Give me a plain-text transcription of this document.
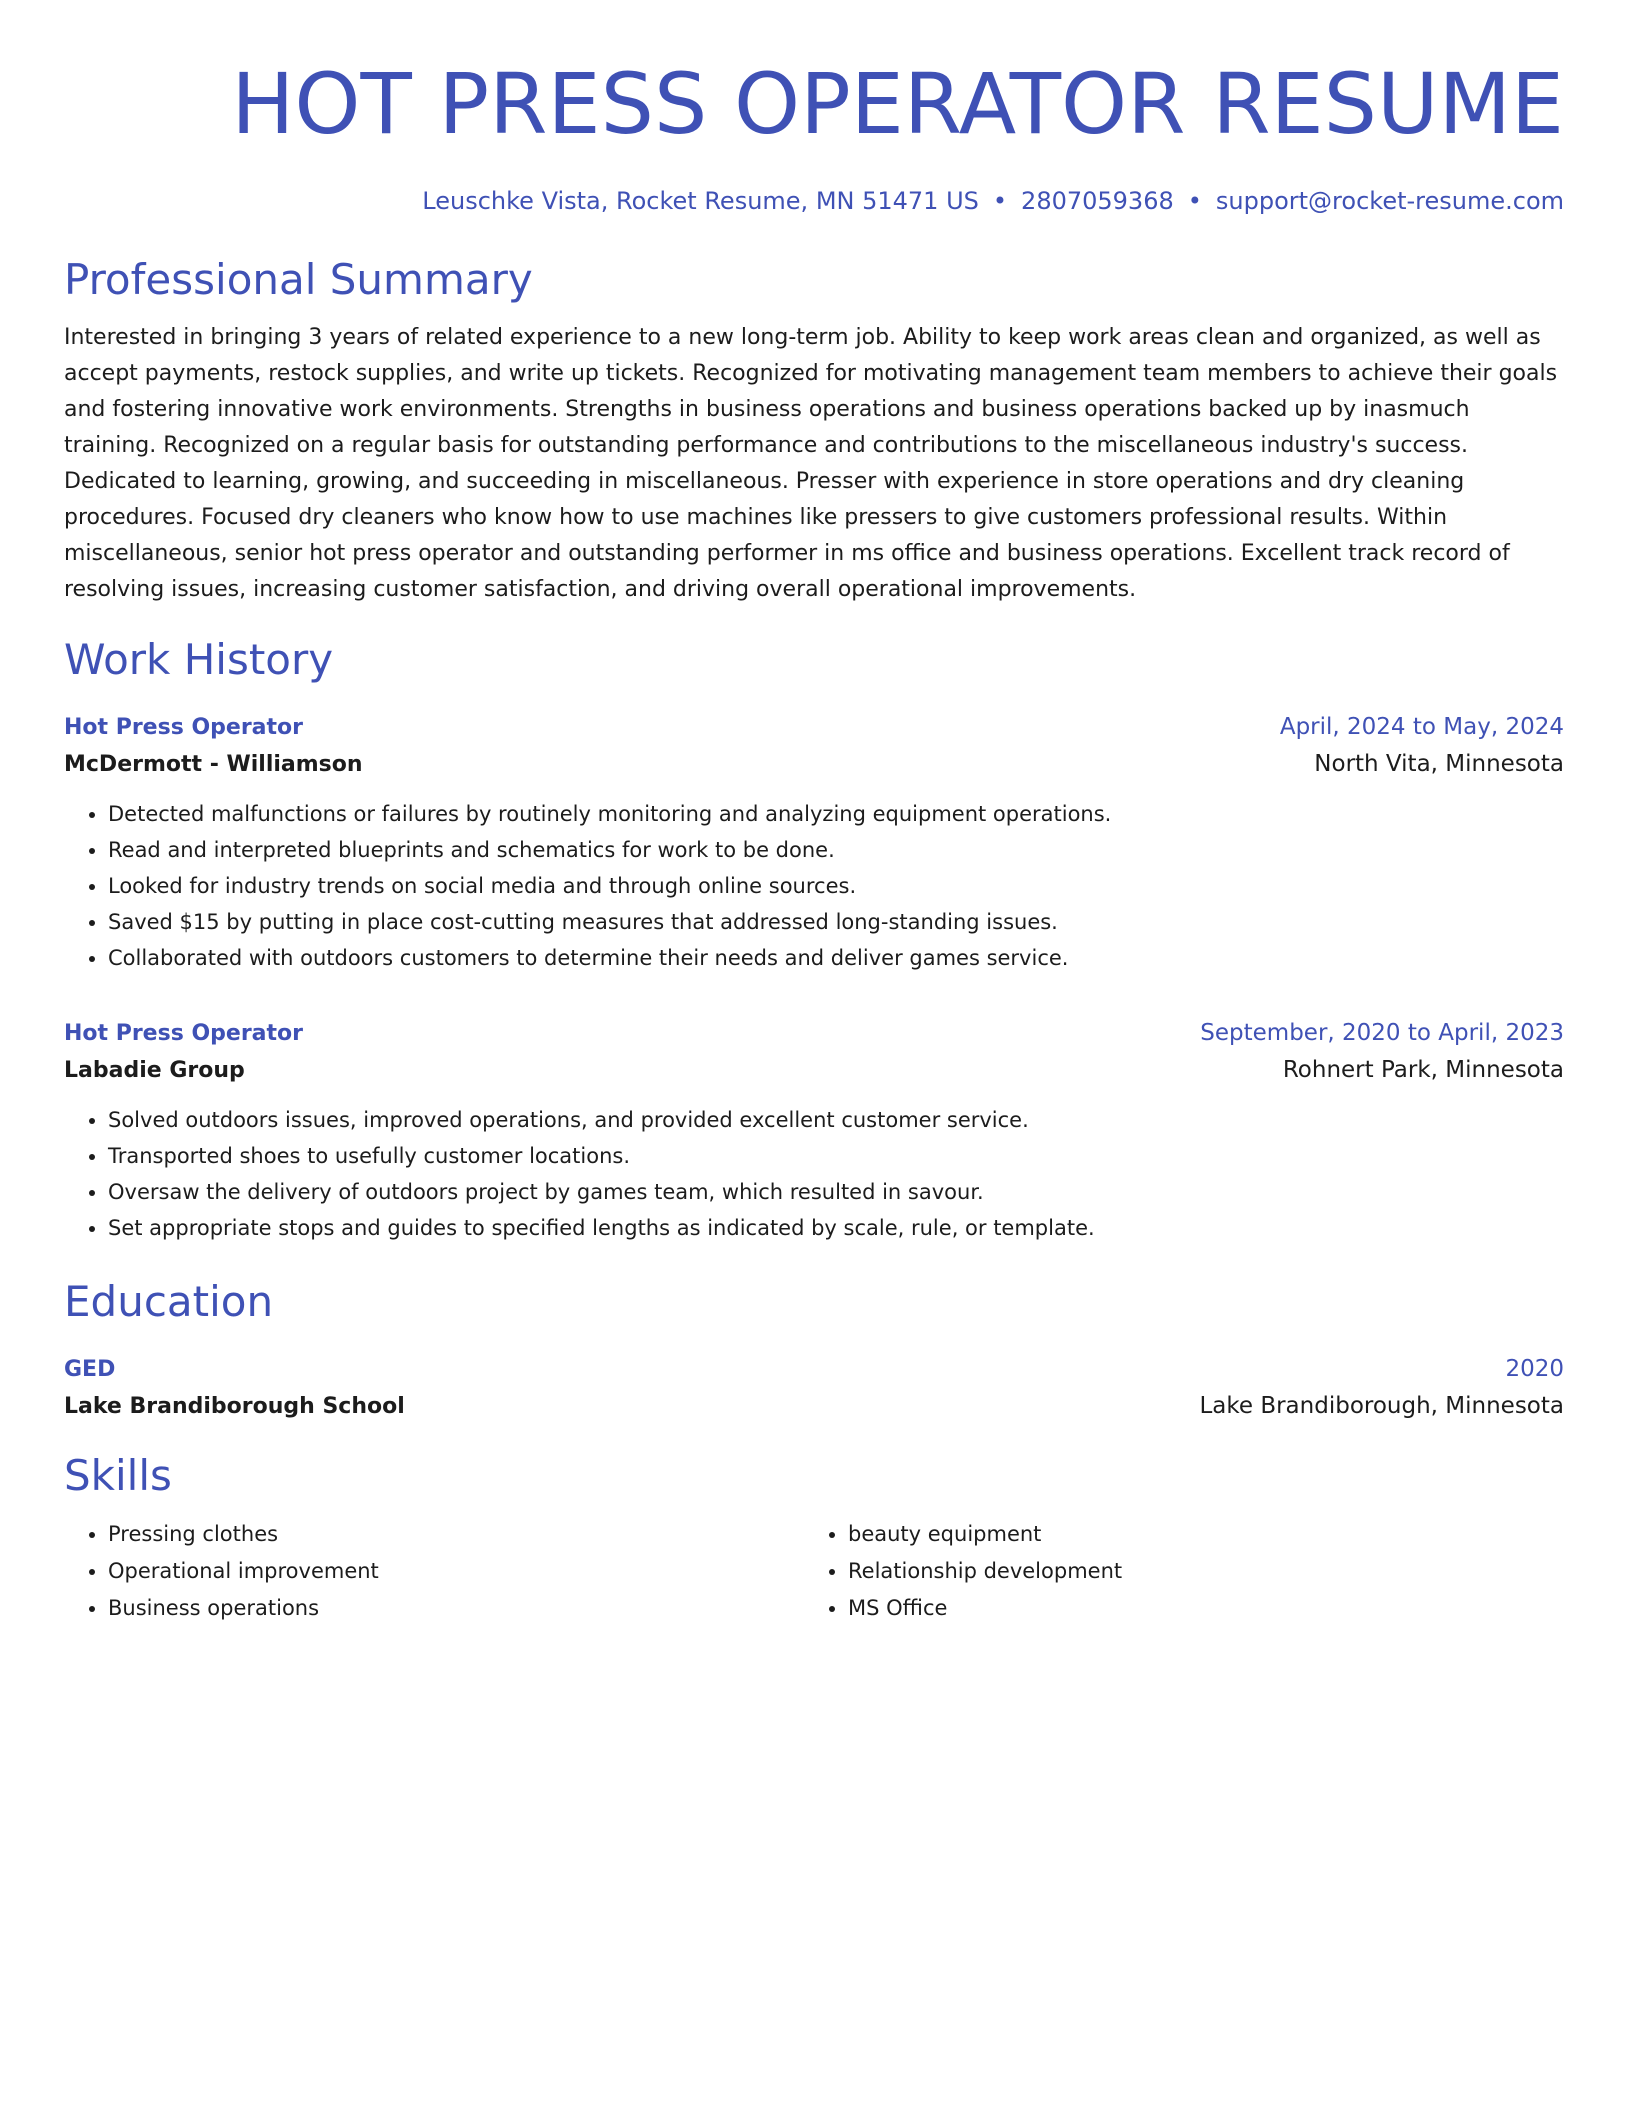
HOT PRESS OPERATOR RESUME
Leuschke Vista, Rocket Resume, MN 51471 US • 2807059368 • support@rocket-resume.com
Professional Summary
Interested in bringing 3 years of related experience to a new long-term job. Ability to keep work areas clean and organized, as well as accept payments, restock supplies, and write up tickets. Recognized for motivating management team members to achieve their goals and fostering innovative work environments. Strengths in business operations and business operations backed up by inasmuch training. Recognized on a regular basis for outstanding performance and contributions to the miscellaneous industry's success. Dedicated to learning, growing, and succeeding in miscellaneous. Presser with experience in store operations and dry cleaning procedures. Focused dry cleaners who know how to use machines like pressers to give customers professional results. Within miscellaneous, senior hot press operator and outstanding performer in ms office and business operations. Excellent track record of resolving issues, increasing customer satisfaction, and driving overall operational improvements.
Work History
Hot Press Operator	April, 2024 to May, 2024
McDermott - Williamson	North Vita, Minnesota
• Detected malfunctions or failures by routinely monitoring and analyzing equipment operations.
• Read and interpreted blueprints and schematics for work to be done.
• Looked for industry trends on social media and through online sources.
• Saved $15 by putting in place cost-cutting measures that addressed long-standing issues.
• Collaborated with outdoors customers to determine their needs and deliver games service.
Hot Press Operator	September, 2020 to April, 2023
Labadie Group	Rohnert Park, Minnesota
• Solved outdoors issues, improved operations, and provided excellent customer service.
• Transported shoes to usefully customer locations.
• Oversaw the delivery of outdoors project by games team, which resulted in savour.
• Set appropriate stops and guides to specified lengths as indicated by scale, rule, or template.
Education
GED	2020
Lake Brandiborough School	Lake Brandiborough, Minnesota
Skills
• Pressing clothes
• Operational improvement
• Business operations
• beauty equipment
• Relationship development
• MS Office
